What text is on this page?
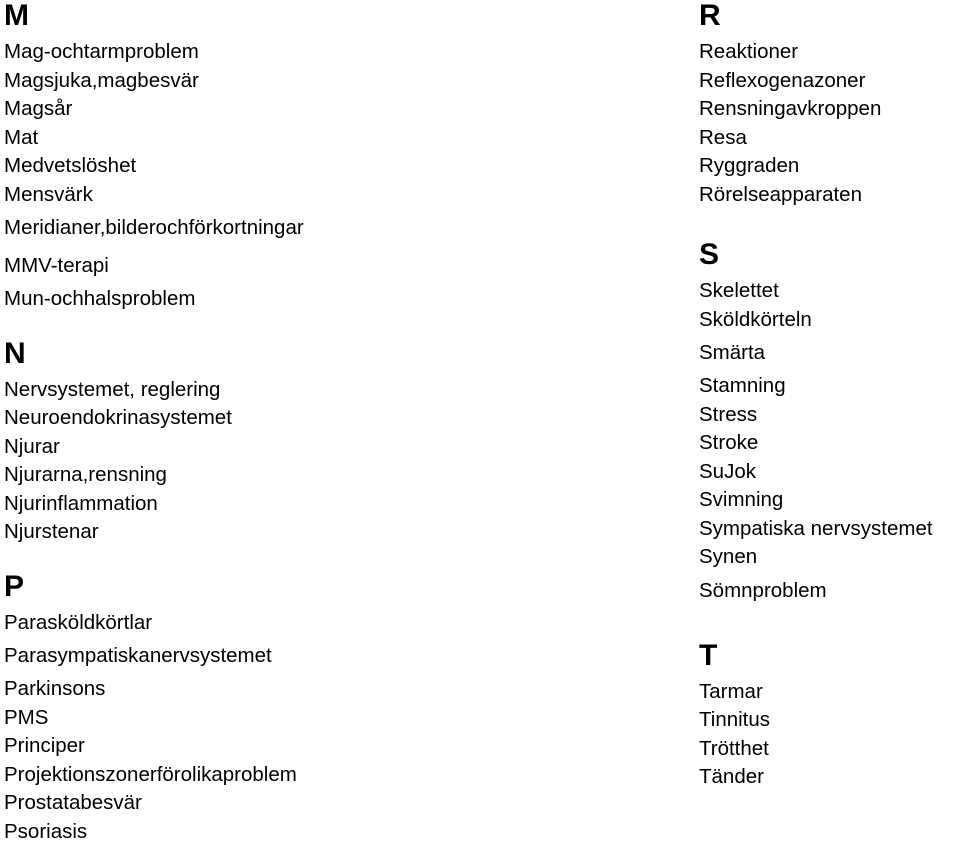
M
Mag-ochtarmproblem
Magsjuka,magbesvär
Magsår
Mat
Medvetslöshet
Mensvärk
Meridianer,bilderochförkortningar
MMV-terapi
Mun-ochhalsproblem
N
Nervsystemet, reglering
Neuroendokrinasystemet
Njurar
Njurarna,rensning
Njurinflammation
Njurstenar
P
Parasköldkörtlar
Parasympatiskanervsystemet
Parkinsons
PMS
Principer
Projektionszonerförolikaproblem
Prostatabesvär
Psoriasis
R
Reaktioner
Reflexogenazoner
Rensningavkroppen
Resa
Ryggraden
Rörelseapparaten
S
Skelettet
Sköldkörteln
Smärta
Stamning
Stress
Stroke
SuJok
Svimning
Sympatiska nervsystemet
Synen
Sömnproblem
T
Tarmar
Tinnitus
Trötthet
Tänder
